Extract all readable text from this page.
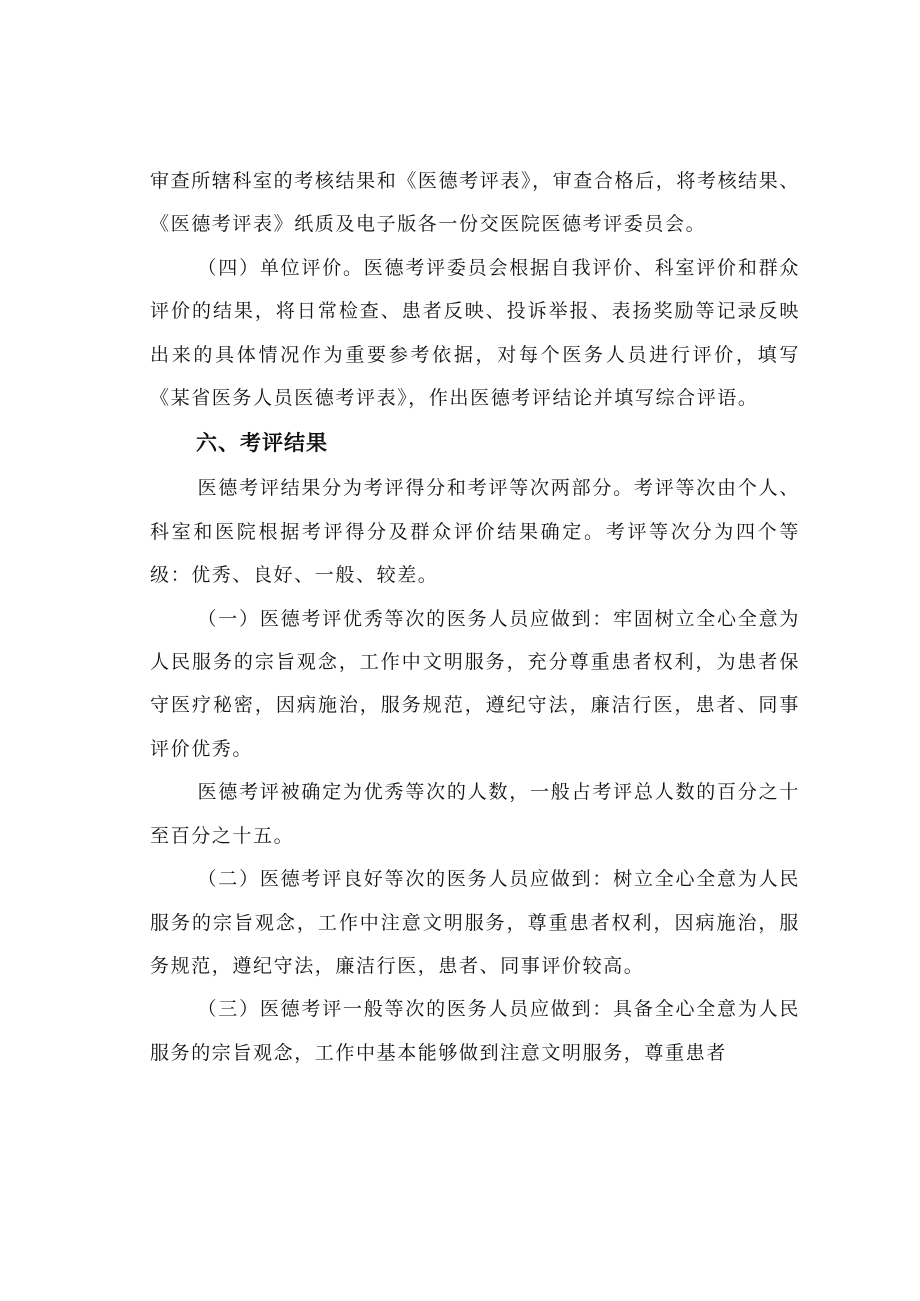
审查所辖科室的考核结果和《医德考评表》，审查合格后，将考核结果、《医德考评表》纸质及电子版各一份交医院医德考评委员会。

（四）单位评价。医德考评委员会根据自我评价、科室评价和群众评价的结果，将日常检查、患者反映、投诉举报、表扬奖励等记录反映出来的具体情况作为重要参考依据，对每个医务人员进行评价，填写《某省医务人员医德考评表》，作出医德考评结论并填写综合评语。

六、考评结果

医德考评结果分为考评得分和考评等次两部分。考评等次由个人、科室和医院根据考评得分及群众评价结果确定。考评等次分为四个等级：优秀、良好、一般、较差。

（一）医德考评优秀等次的医务人员应做到：牢固树立全心全意为人民服务的宗旨观念，工作中文明服务，充分尊重患者权利，为患者保守医疗秘密，因病施治，服务规范，遵纪守法，廉洁行医，患者、同事评价优秀。

医德考评被确定为优秀等次的人数，一般占考评总人数的百分之十至百分之十五。

（二）医德考评良好等次的医务人员应做到：树立全心全意为人民服务的宗旨观念，工作中注意文明服务，尊重患者权利，因病施治，服务规范，遵纪守法，廉洁行医，患者、同事评价较高。

（三）医德考评一般等次的医务人员应做到：具备全心全意为人民服务的宗旨观念，工作中基本能够做到注意文明服务，尊重患者
